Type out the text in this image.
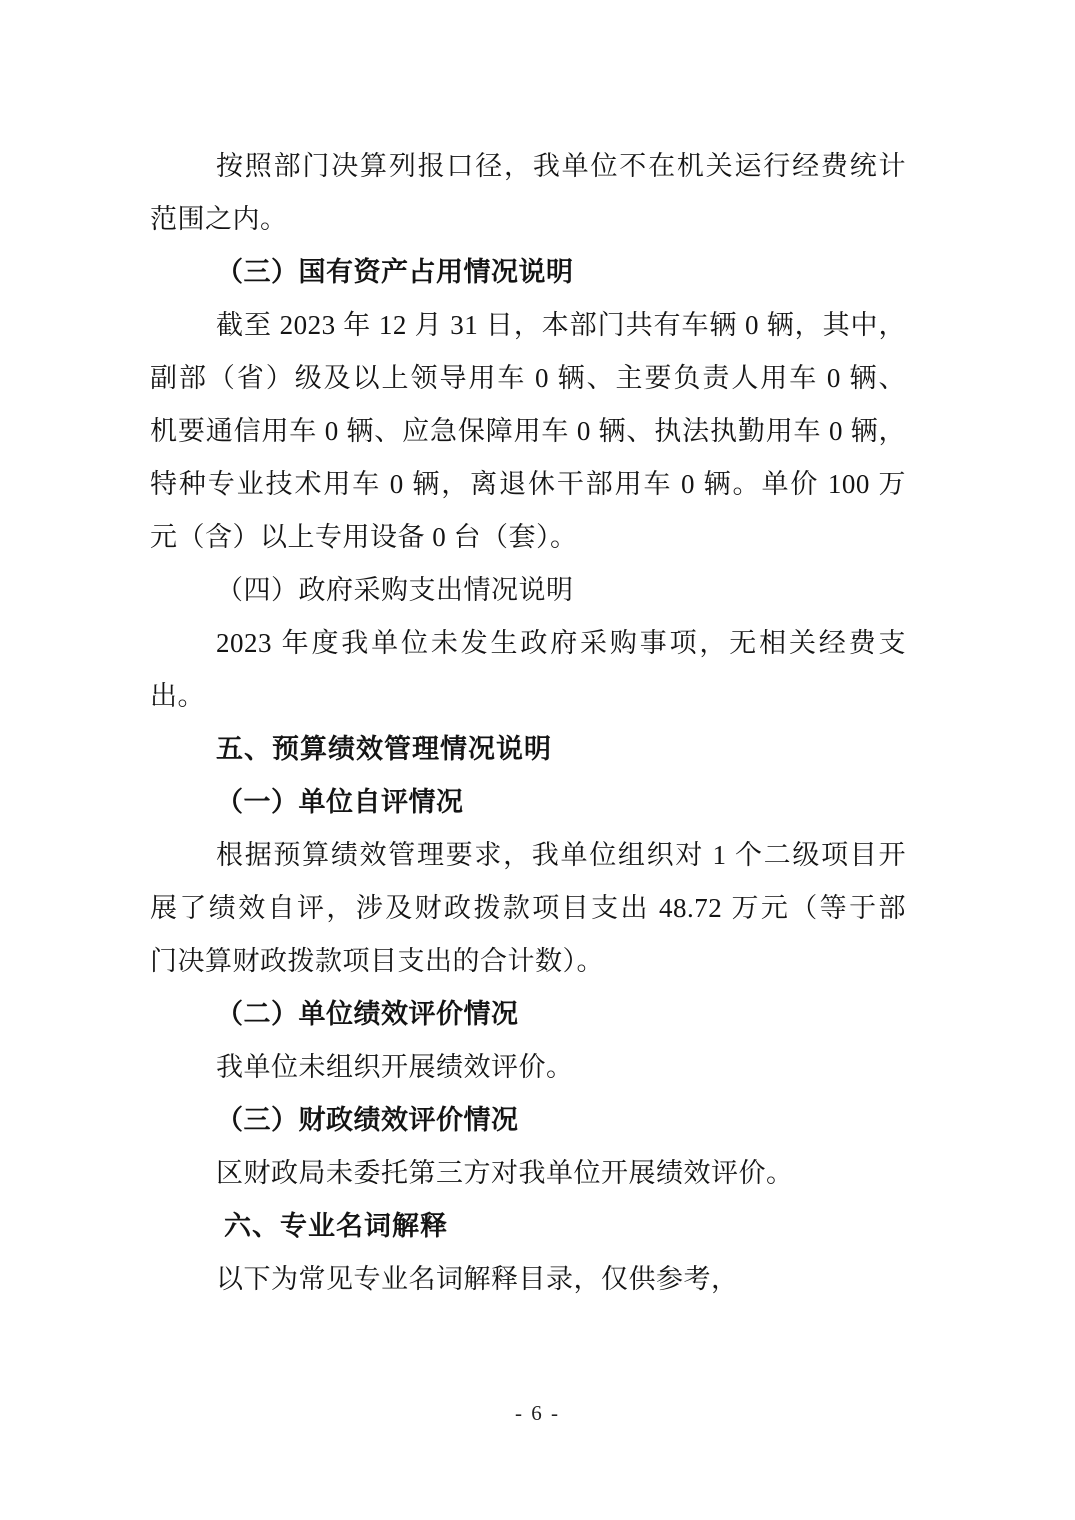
按照部门决算列报口径，我单位不在机关运行经费统计
范围之内。
（三）国有资产占用情况说明
截至 2023 年 12 月 31 日，本部门共有车辆 0 辆，其中，
副部（省）级及以上领导用车 0 辆、主要负责人用车 0 辆、
机要通信用车 0 辆、应急保障用车 0 辆、执法执勤用车 0 辆，
特种专业技术用车 0 辆，离退休干部用车 0 辆。单价 100 万
元（含）以上专用设备 0 台（套）。
（四）政府采购支出情况说明
2023 年度我单位未发生政府采购事项，无相关经费支
出。
五、预算绩效管理情况说明
（一）单位自评情况
根据预算绩效管理要求，我单位组织对 1 个二级项目开
展了绩效自评，涉及财政拨款项目支出 48.72 万元（等于部
门决算财政拨款项目支出的合计数）。
（二）单位绩效评价情况
我单位未组织开展绩效评价。
（三）财政绩效评价情况
区财政局未委托第三方对我单位开展绩效评价。
六、专业名词解释
以下为常见专业名词解释目录，仅供参考，
- 6 -
